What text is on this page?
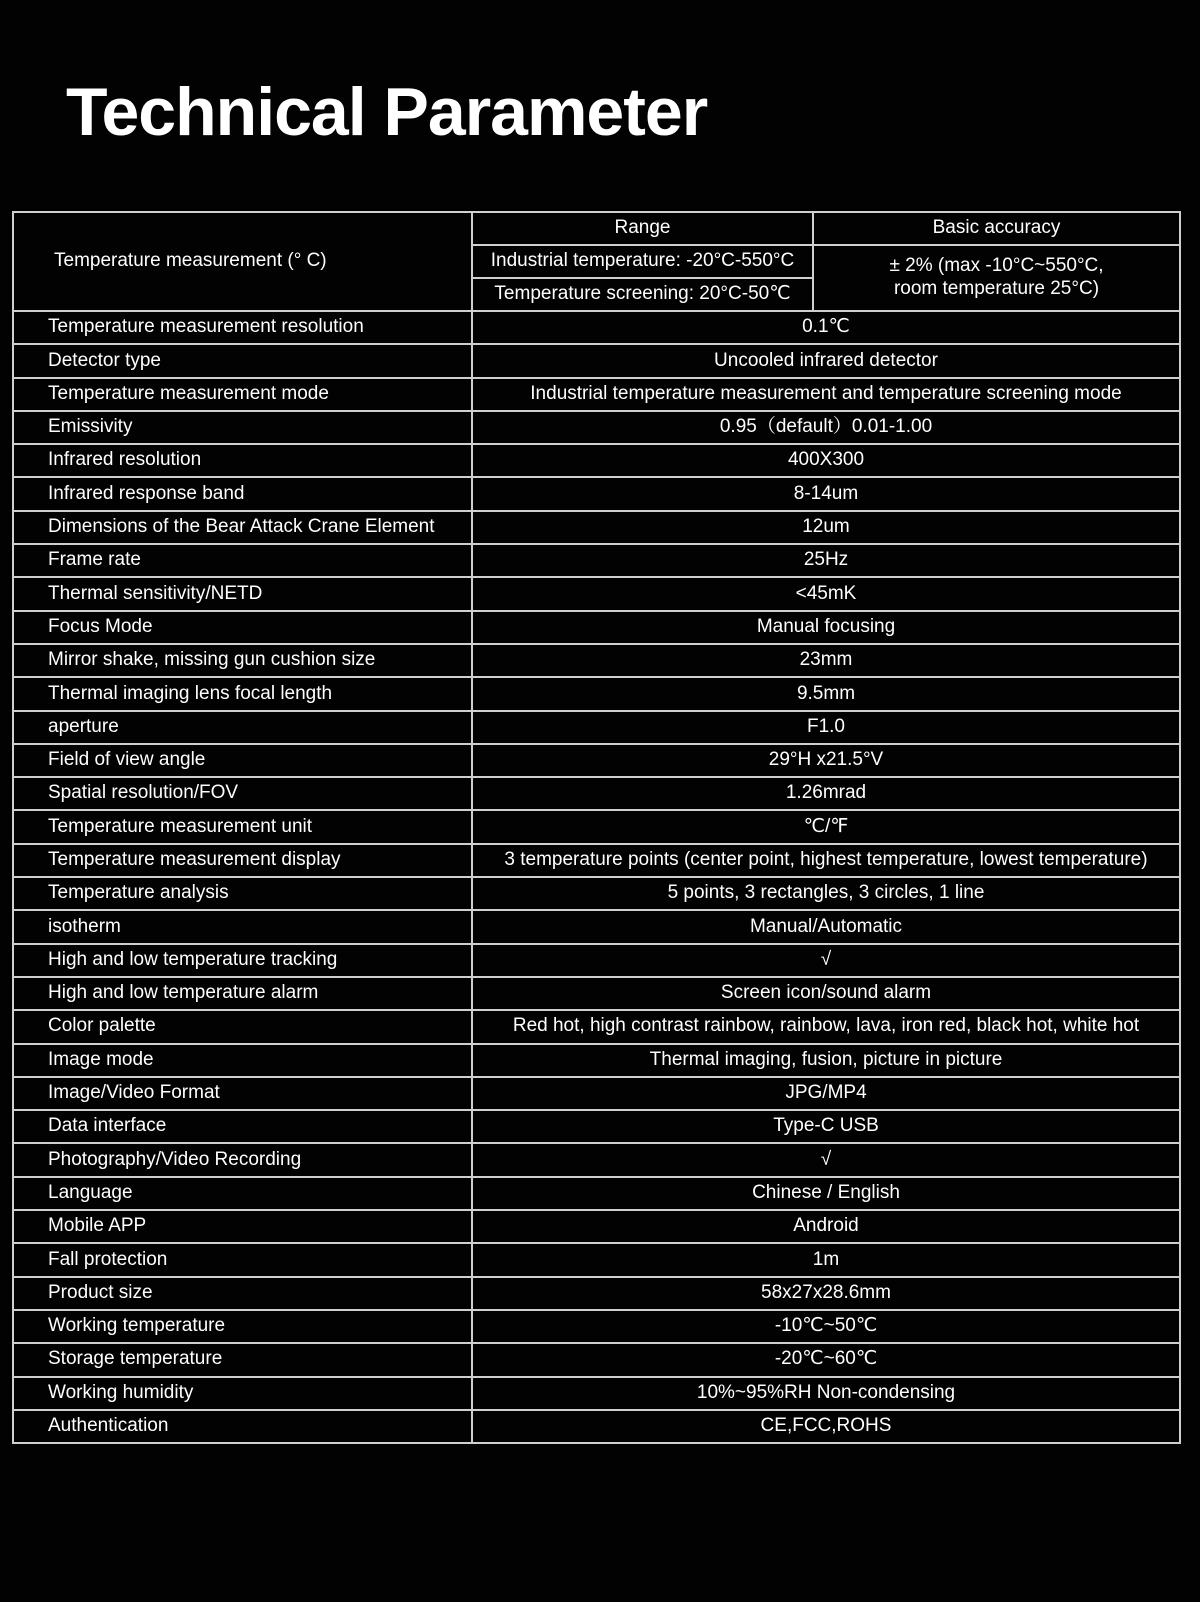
Technical Parameter
Temperature measurement (° C)	Range	Basic accuracy
	Industrial temperature: -20°C-550°C	± 2% (max -10°C~550°C,
room temperature 25°C)
	Temperature screening: 20°C-50℃	
Temperature measurement resolution	0.1℃	
Detector type	Uncooled infrared detector	
Temperature measurement mode	Industrial temperature measurement and temperature screening mode	
Emissivity	0.95（default）0.01-1.00	
Infrared resolution	400X300	
Infrared response band	8-14um	
Dimensions of the Bear Attack Crane Element	12um	
Frame rate	25Hz	
Thermal sensitivity/NETD	<45mK	
Focus Mode	Manual focusing	
Mirror shake, missing gun cushion size	23mm	
Thermal imaging lens focal length	9.5mm	
aperture	F1.0	
Field of view angle	29°H x21.5°V	
Spatial resolution/FOV	1.26mrad	
Temperature measurement unit	℃/℉	
Temperature measurement display	3 temperature points (center point, highest temperature, lowest temperature)	
Temperature analysis	5 points, 3 rectangles, 3 circles, 1 line	
isotherm	Manual/Automatic	
High and low temperature tracking	√	
High and low temperature alarm	Screen icon/sound alarm	
Color palette	Red hot, high contrast rainbow, rainbow, lava, iron red, black hot, white hot	
Image mode	Thermal imaging, fusion, picture in picture	
Image/Video Format	JPG/MP4	
Data interface	Type-C USB	
Photography/Video Recording	√	
Language	Chinese / English	
Mobile APP	Android	
Fall protection	1m	
Product size	58x27x28.6mm	
Working temperature	-10℃~50℃	
Storage temperature	-20℃~60℃	
Working humidity	10%~95%RH Non-condensing	
Authentication	CE,FCC,ROHS	
